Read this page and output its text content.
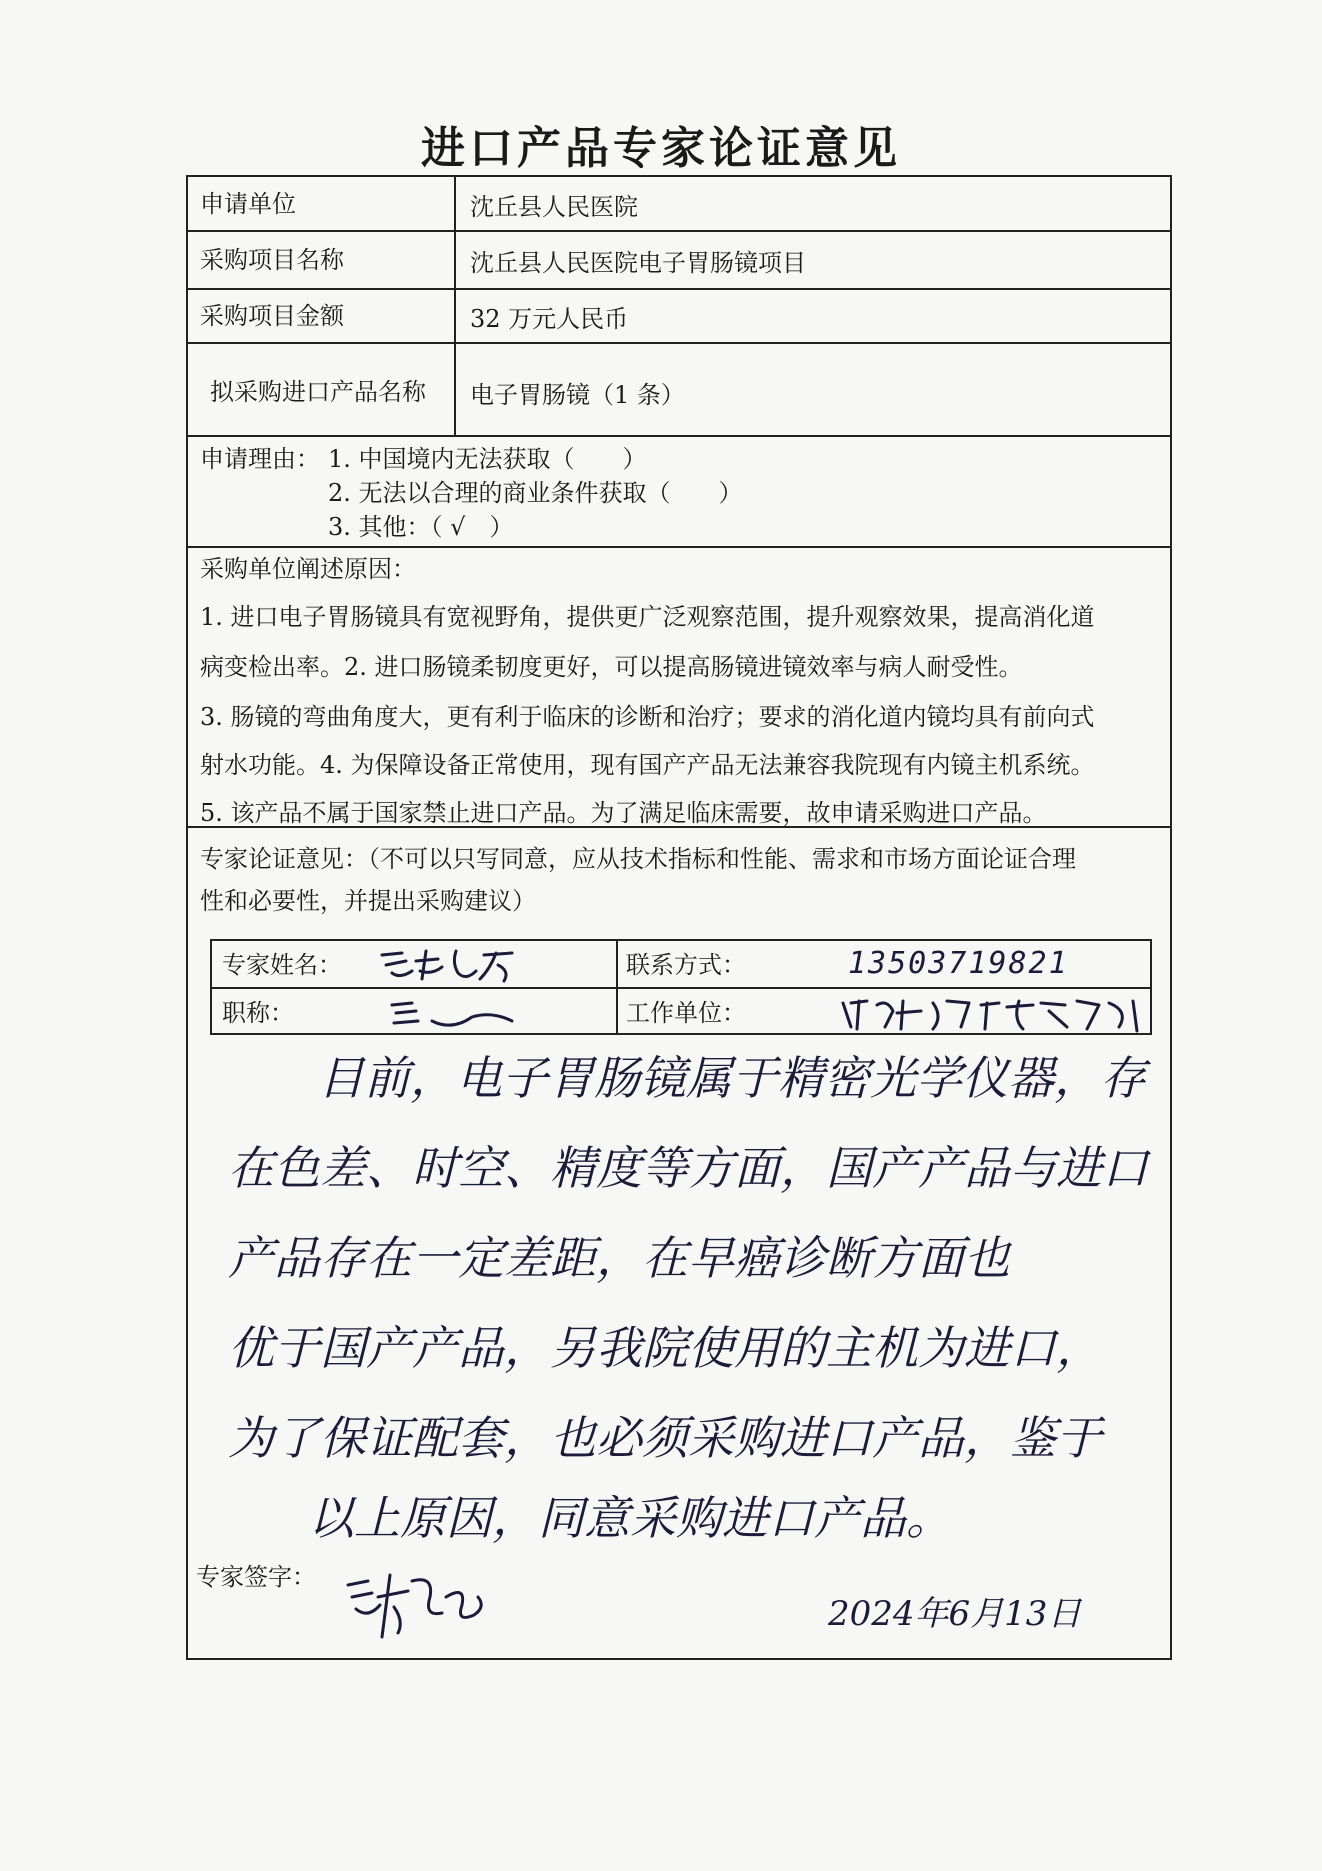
进口产品专家论证意见
申请单位	沈丘县人民医院
采购项目名称	沈丘县人民医院电子胃肠镜项目
采购项目金额	32 万元人民币
拟采购进口产品名称 电子胃肠镜（1 条）
申请理由： 1. 中国境内无法获取（　　）
2. 无法以合理的商业条件获取（　　）
3. 其他：（ √　）
采购单位阐述原因：
1. 进口电子胃肠镜具有宽视野角，提供更广泛观察范围，提升观察效果，提高消化道
病变检出率。2. 进口肠镜柔韧度更好，可以提高肠镜进镜效率与病人耐受性。
3. 肠镜的弯曲角度大，更有利于临床的诊断和治疗；要求的消化道内镜均具有前向式
射水功能。4. 为保障设备正常使用，现有国产产品无法兼容我院现有内镜主机系统。
5. 该产品不属于国家禁止进口产品。为了满足临床需要，故申请采购进口产品。
专家论证意见：（不可以只写同意，应从技术指标和性能、需求和市场方面论证合理
性和必要性，并提出采购建议）
专家姓名：	联系方式：	13503719821
职称：	工作单位：
目前，电子胃肠镜属于精密光学仪器，存
在色差、时空、精度等方面，国产产品与进口
产品存在一定差距，在早癌诊断方面也
优于国产产品，另我院使用的主机为进口，
为了保证配套，也必须采购进口产品，鉴于
以上原因，同意采购进口产品。
专家签字：
2024年6月13日
